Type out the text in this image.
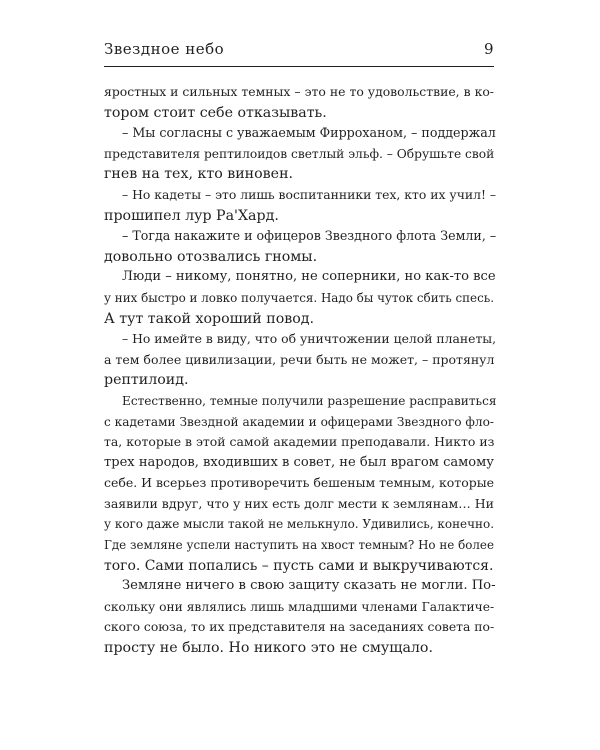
Звездное небо	9
яростных и сильных темных – это не то удовольствие, в ко-
тором стоит себе отказывать.
– Мы согласны с уважаемым Фирроханом, – поддержал
представителя рептилоидов светлый эльф. – Обрушьте свой
гнев на тех, кто виновен.
– Но кадеты – это лишь воспитанники тех, кто их учил! –
прошипел лур Ра'Хард.
– Тогда накажите и офицеров Звездного флота Земли, –
довольно отозвались гномы.
Люди – никому, понятно, не соперники, но как-то все
у них быстро и ловко получается. Надо бы чуток сбить спесь.
А тут такой хороший повод.
– Но имейте в виду, что об уничтожении целой планеты,
а тем более цивилизации, речи быть не может, – протянул
рептилоид.
Естественно, темные получили разрешение расправиться
с кадетами Звездной академии и офицерами Звездного фло-
та, которые в этой самой академии преподавали. Никто из
трех народов, входивших в совет, не был врагом самому
себе. И всерьез противоречить бешеным темным, которые
заявили вдруг, что у них есть долг мести к землянам… Ни
у кого даже мысли такой не мелькнуло. Удивились, конечно.
Где земляне успели наступить на хвост темным? Но не более
того. Сами попались – пусть сами и выкручиваются.
Земляне ничего в свою защиту сказать не могли. По-
скольку они являлись лишь младшими членами Галактиче-
ского союза, то их представителя на заседаниях совета по-
просту не было. Но никого это не смущало.
